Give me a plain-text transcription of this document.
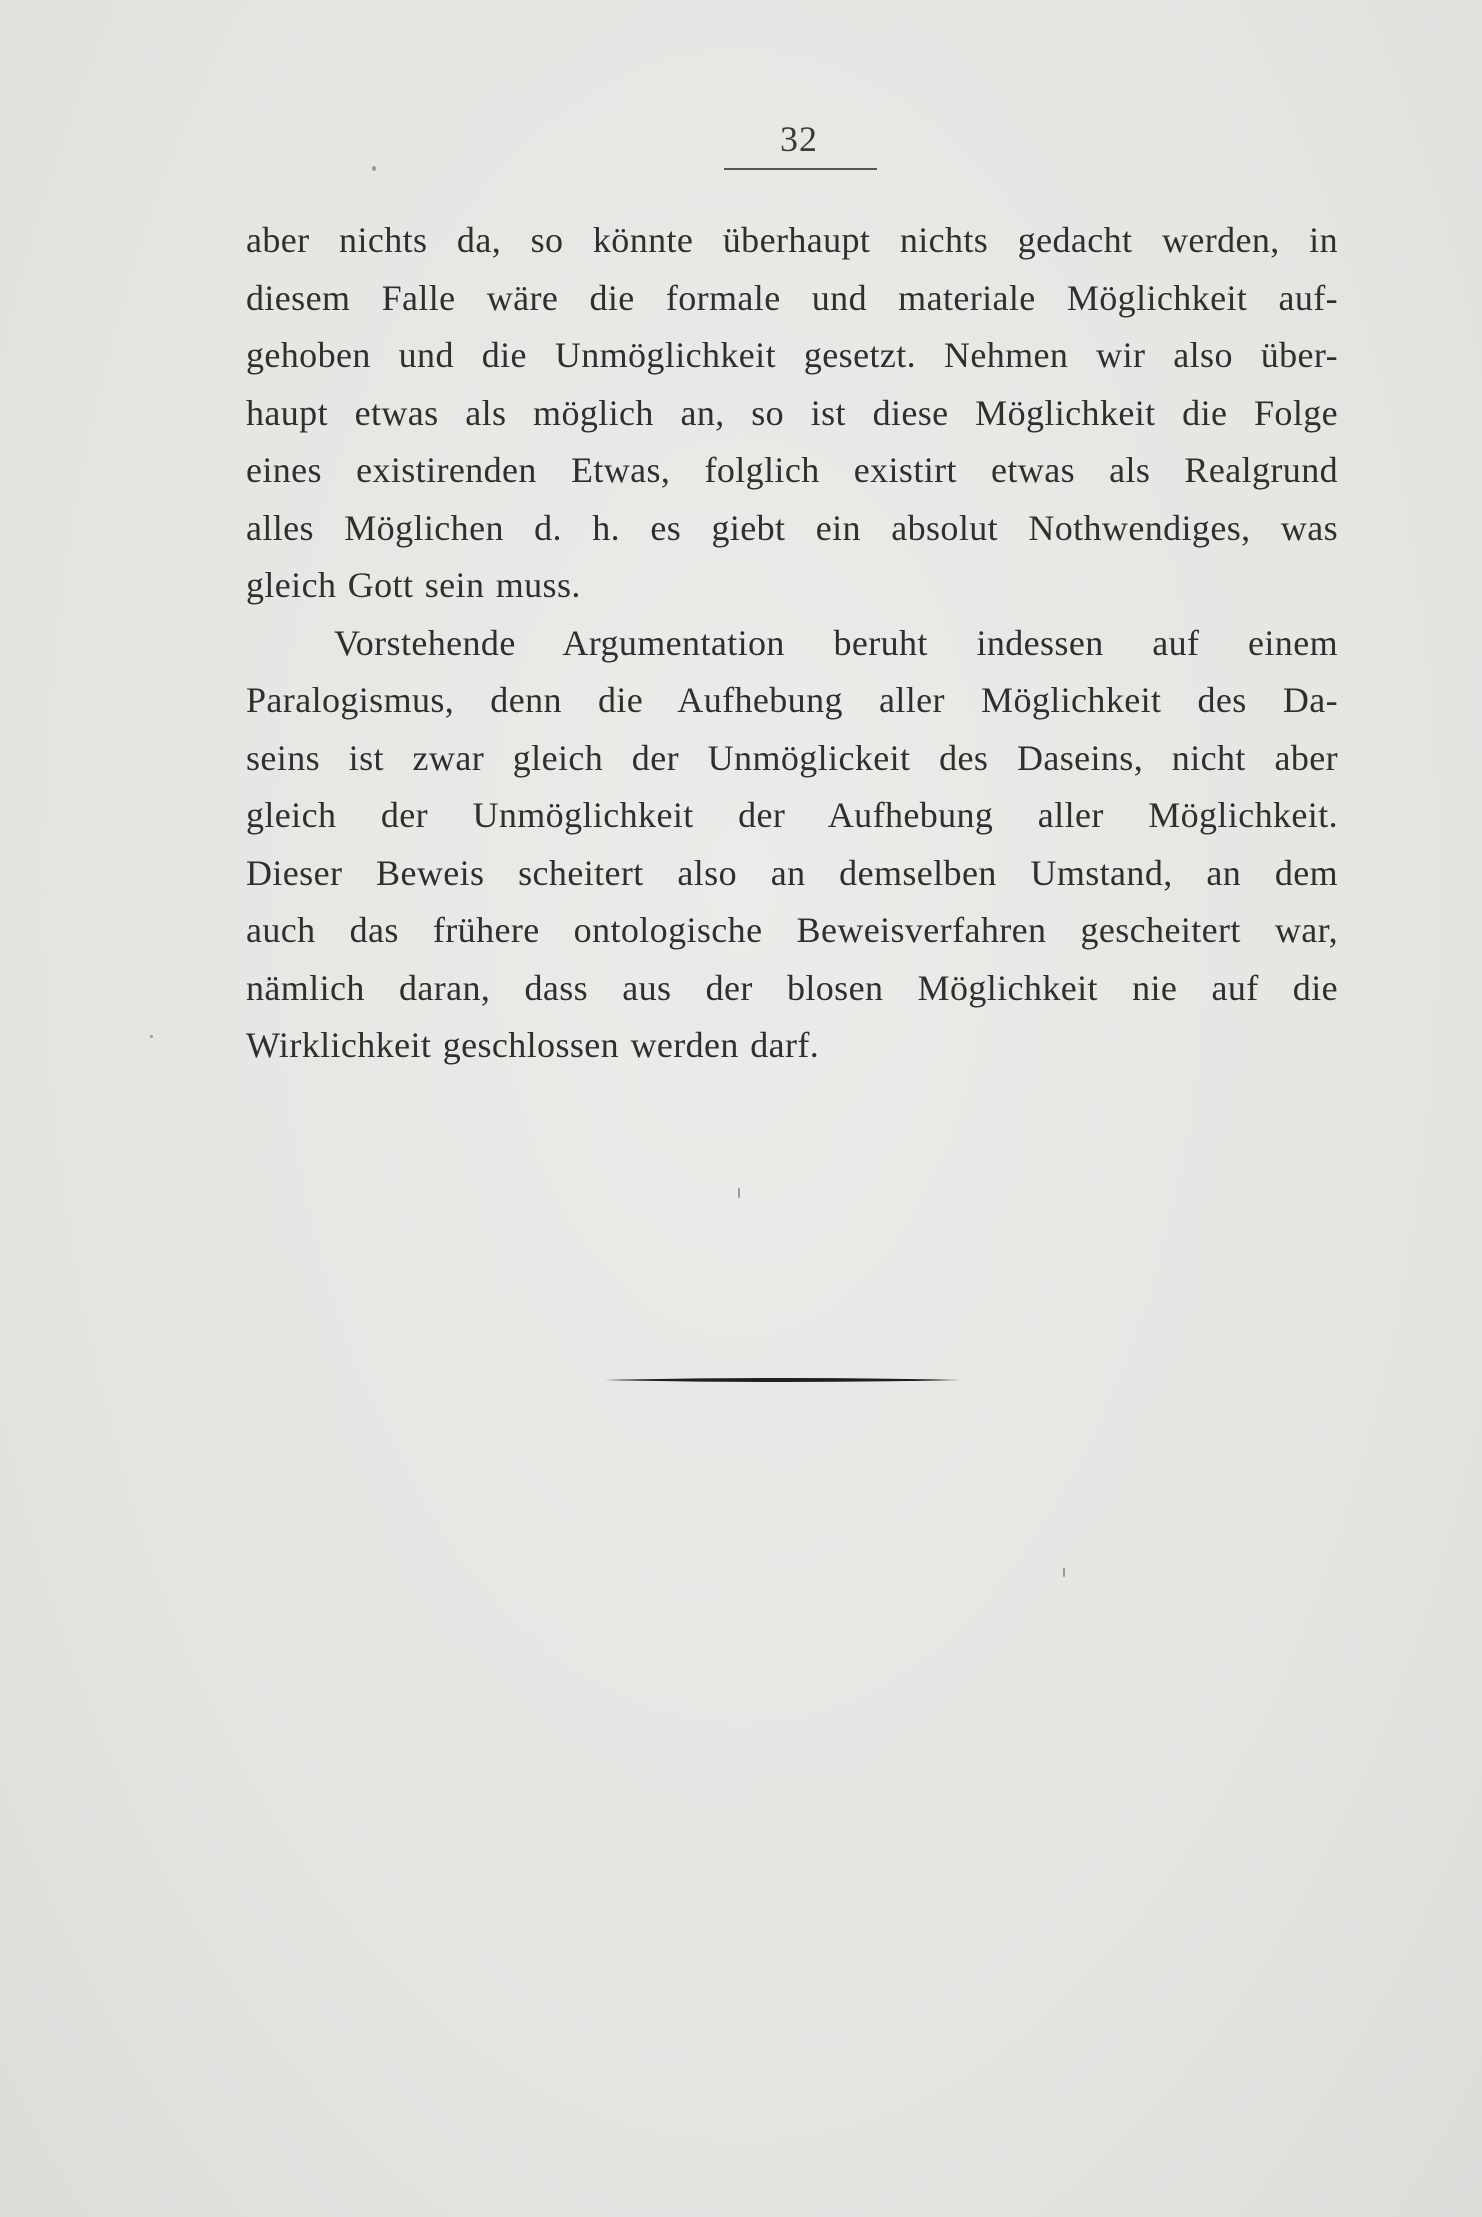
32
aber nichts da, so könnte überhaupt nichts gedacht werden, in
diesem Falle wäre die formale und materiale Möglichkeit auf-
gehoben und die Unmöglichkeit gesetzt. Nehmen wir also über-
haupt etwas als möglich an, so ist diese Möglichkeit die Folge
eines existirenden Etwas, folglich existirt etwas als Realgrund
alles Möglichen d. h. es giebt ein absolut Nothwendiges, was
gleich Gott sein muss.
Vorstehende Argumentation beruht indessen auf einem
Paralogismus, denn die Aufhebung aller Möglichkeit des Da-
seins ist zwar gleich der Unmöglickeit des Daseins, nicht aber
gleich der Unmöglichkeit der Aufhebung aller Möglichkeit.
Dieser Beweis scheitert also an demselben Umstand, an dem
auch das frühere ontologische Beweisverfahren gescheitert war,
nämlich daran, dass aus der blosen Möglichkeit nie auf die
Wirklichkeit geschlossen werden darf.
